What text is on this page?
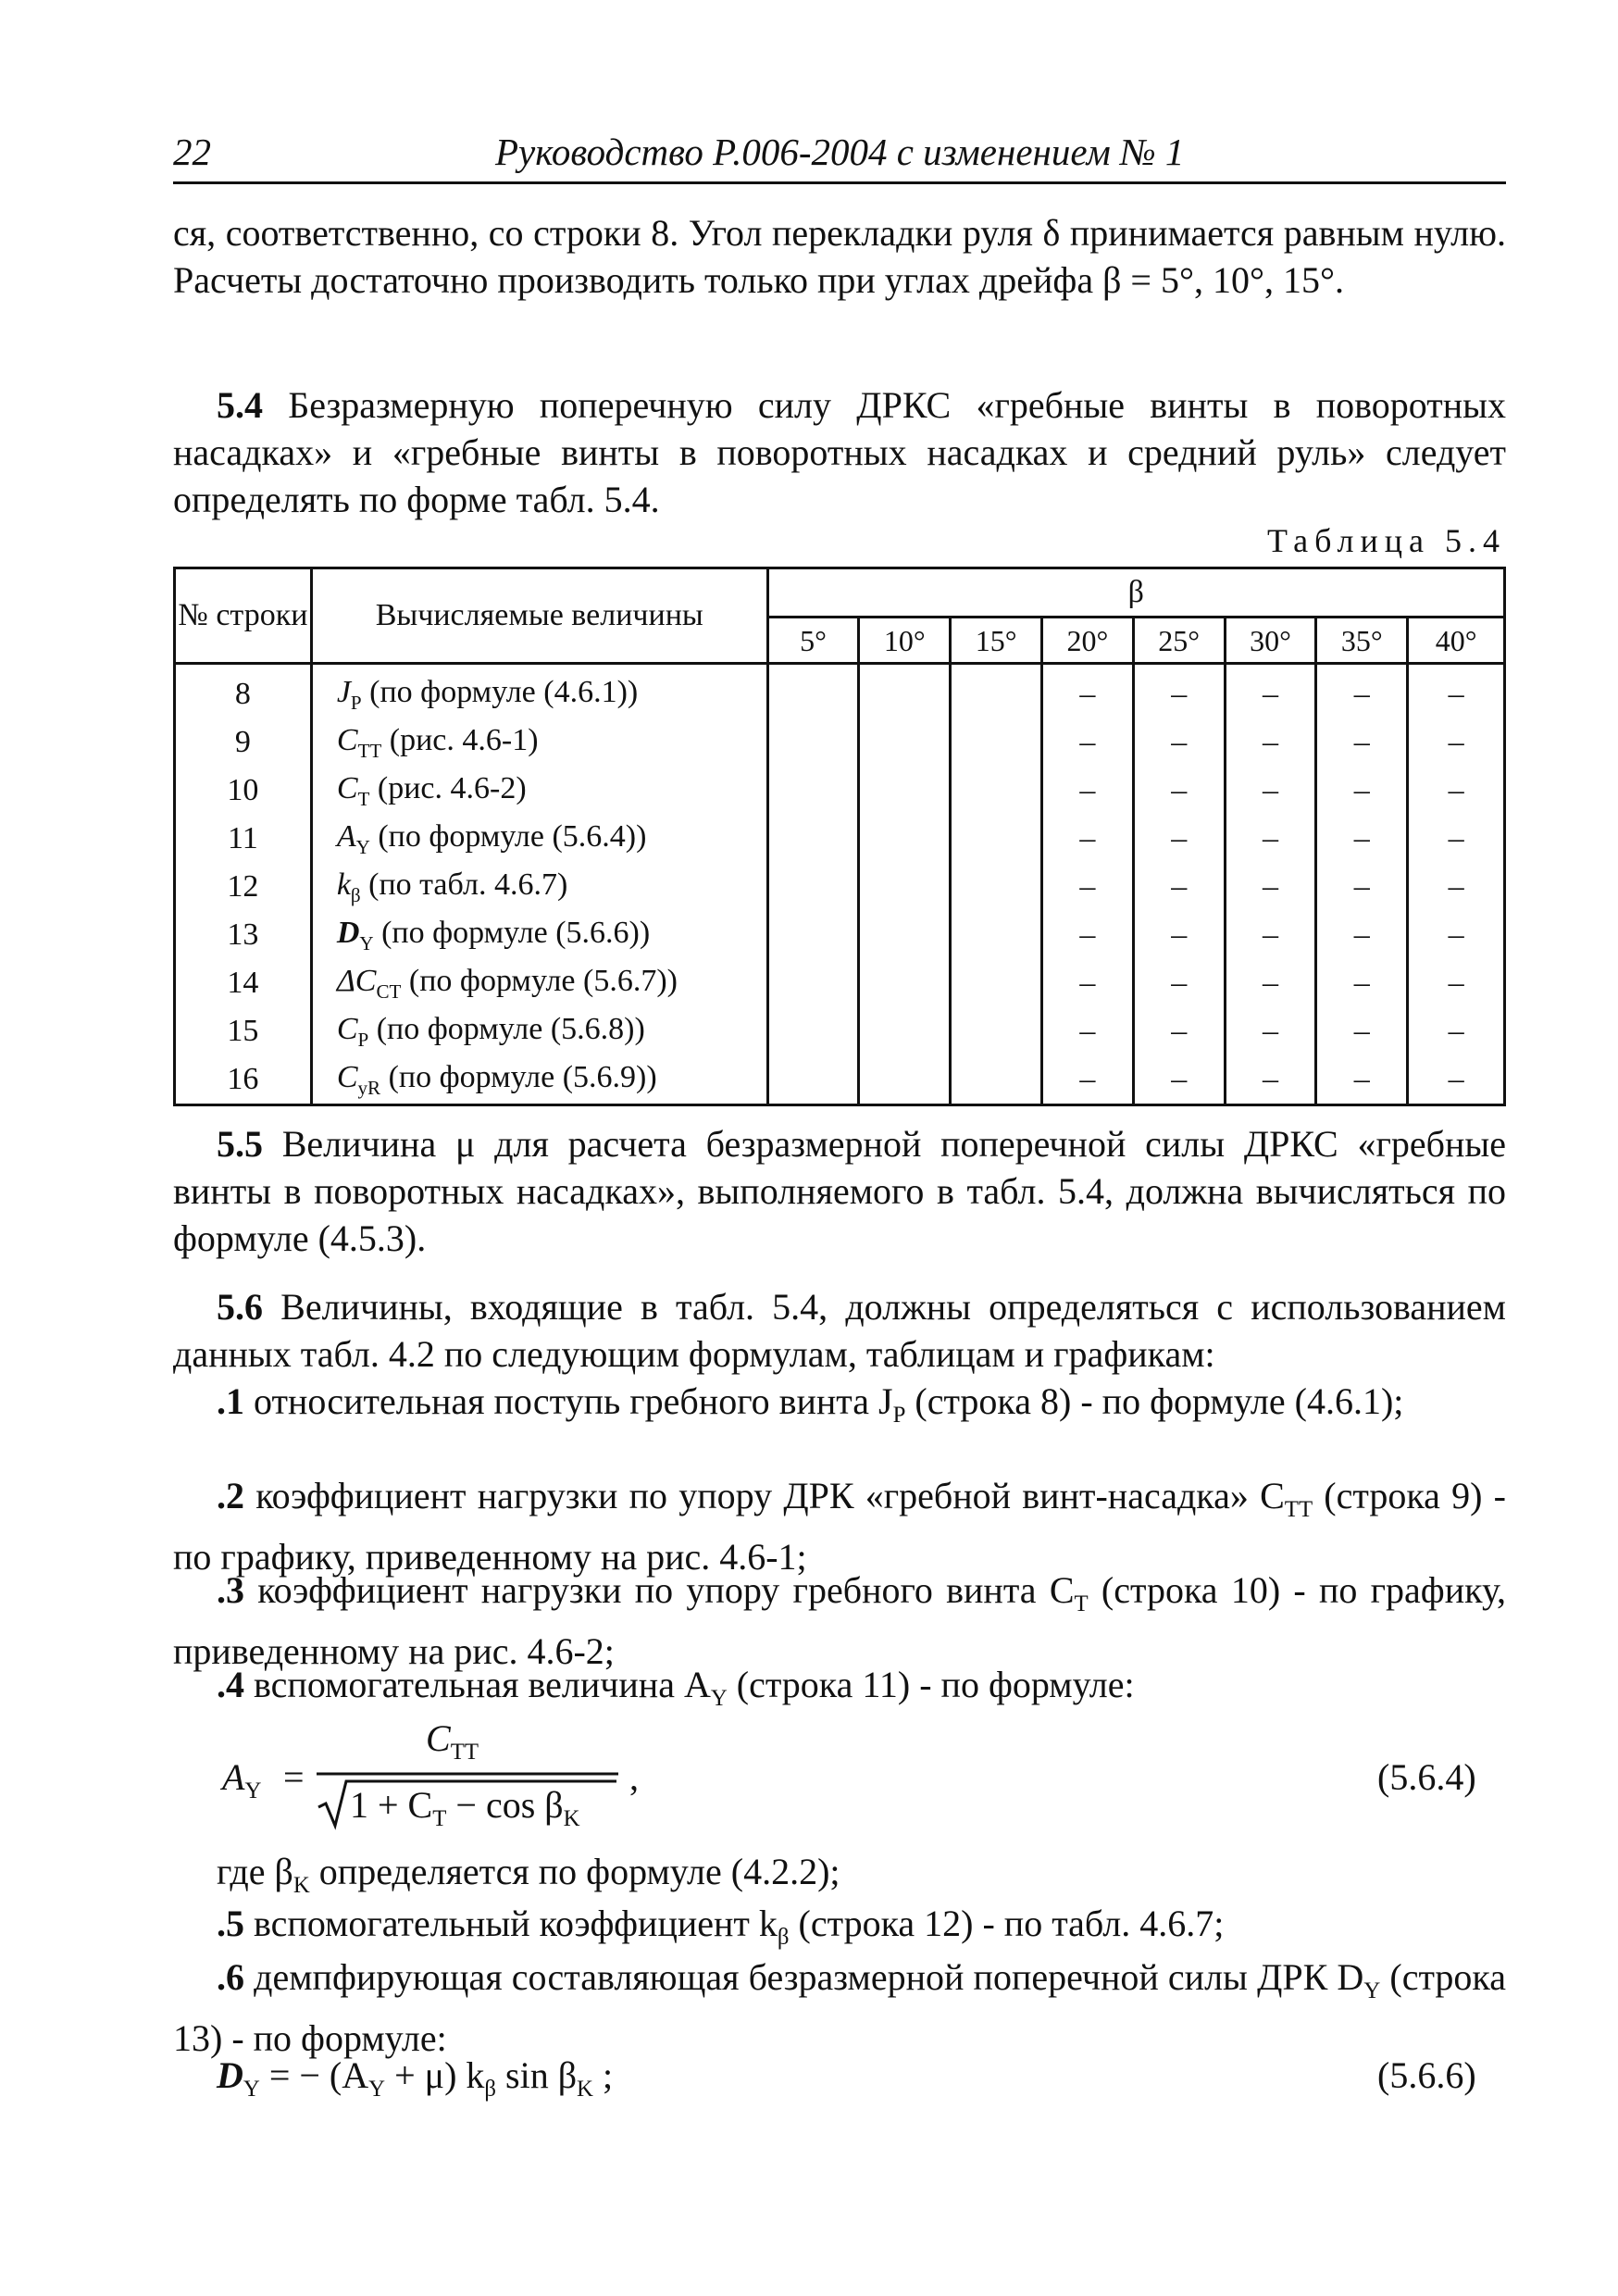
22	Руководство Р.006-2004 с изменением № 1

ся, соответственно, со строки 8. Угол перекладки руля δ принимается равным нулю. Расчеты достаточно производить только при углах дрейфа β = 5°, 10°, 15°.

5.4 Безразмерную поперечную силу ДРКС «гребные винты в поворотных насадках» и «гребные винты в поворотных насадках и средний руль» следует определять по форме табл. 5.4.

Таблица 5.4
№ строки	Вычисляемые величины	β							
		5°	10°	15°	20°	25°	30°	35°	40°
8	$J_P$ (по формуле (4.6.1))				–	–	–	–	–
9	$C_{TT}$ (рис. 4.6-1)				–	–	–	–	–
10	$C_T$ (рис. 4.6-2)				–	–	–	–	–
11	$A_Y$ (по формуле (5.6.4))				–	–	–	–	–
12	$k_\beta$ (по табл. 4.6.7)				–	–	–	–	–
13	$D_Y$ (по формуле (5.6.6))				–	–	–	–	–
14	$\Delta C_{CT}$ (по формуле (5.6.7))				–	–	–	–	–
15	$C_P$ (по формуле (5.6.8))				–	–	–	–	–
16	$C_{yR}$ (по формуле (5.6.9))				–	–	–	–	–

5.5 Величина μ для расчета безразмерной поперечной силы ДРКС «гребные винты в поворотных насадках», выполняемого в табл. 5.4, должна вычисляться по формуле (4.5.3).

5.6 Величины, входящие в табл. 5.4, должны определяться с использованием данных табл. 4.2 по следующим формулам, таблицам и графикам:

.1 относительная поступь гребного винта $J_P$ (строка 8) - по формуле (4.6.1);

.2 коэффициент нагрузки по упору ДРК «гребной винт-насадка» $C_{TT}$ (строка 9) - по графику, приведенному на рис. 4.6-1;

.3 коэффициент нагрузки по упору гребного винта $C_T$ (строка 10) - по графику, приведенному на рис. 4.6-2;

.4 вспомогательная величина $A_Y$ (строка 11) - по формуле:

$A_Y$ =
$C_{TT}$
$1 + C_T - \cos \beta_K$
,	(5.6.4)

где $\beta_K$ определяется по формуле (4.2.2);

.5 вспомогательный коэффициент $k_\beta$ (строка 12) - по табл. 4.6.7;

.6 демпфирующая составляющая безразмерной поперечной силы ДРК $D_Y$ (строка 13) - по формуле:

$D_Y$ = − $(A_Y + \mu)$ $k_\beta$ $\sin \beta_K$ ;	(5.6.6)
